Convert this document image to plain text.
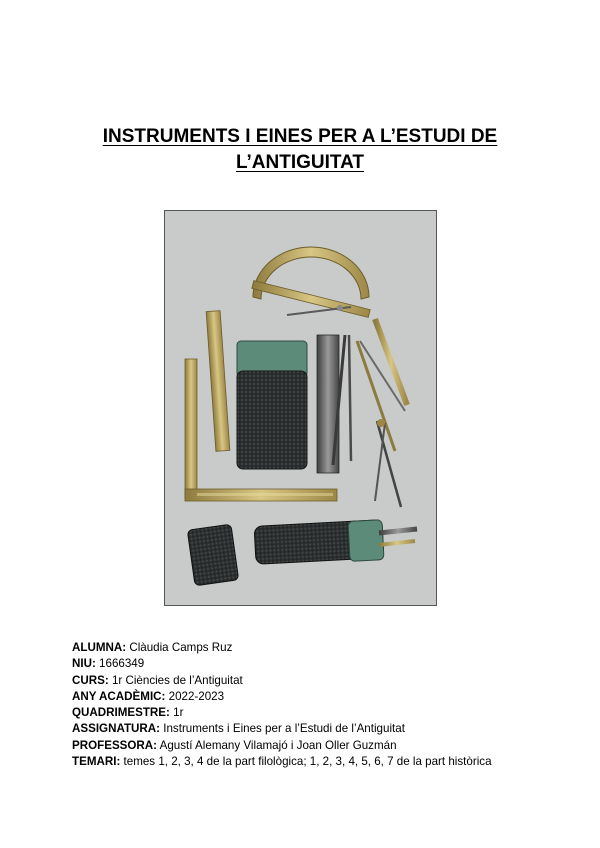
INSTRUMENTS I EINES PER A L’ESTUDI DE
L’ANTIGUITAT
ALUMNA: Clàudia Camps Ruz
NIU: 1666349
CURS: 1r Ciències de l’Antiguitat
ANY ACADÈMIC: 2022-2023
QUADRIMESTRE: 1r
ASSIGNATURA: Instruments i Eines per a l’Estudi de l’Antiguitat
PROFESSORA: Agustí Alemany Vilamajó i Joan Oller Guzmán
TEMARI: temes 1, 2, 3, 4 de la part filològica; 1, 2, 3, 4, 5, 6, 7 de la part històrica
